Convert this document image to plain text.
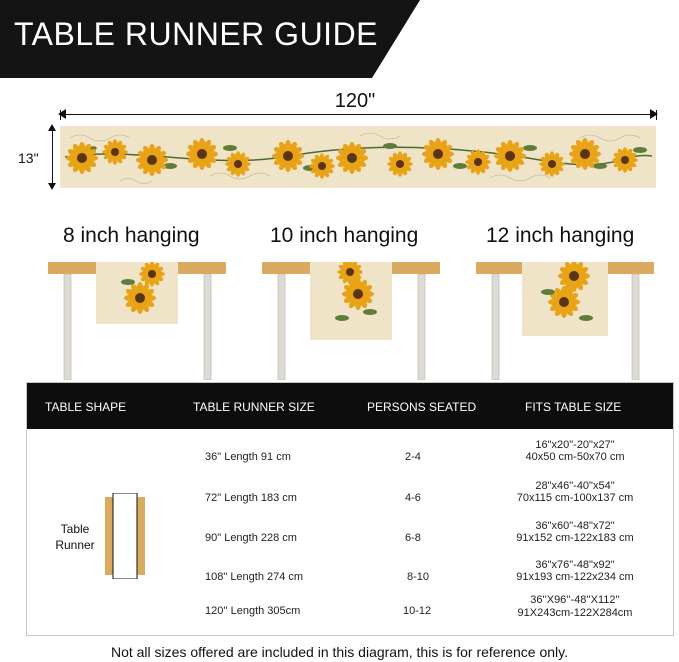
TABLE RUNNER GUIDE
120"
13"
8 inch hanging	10 inch hanging	12 inch hanging
TABLE SHAPE	TABLE RUNNER SIZE	PERSONS SEATED	FITS TABLE SIZE
Table
Runner
36" Length 91 cm	2-4
16"x20"-20"x27"
40x50 cm-50x70 cm
72" Length 183 cm	4-6
28"x46"-40"x54"
70x115 cm-100x137 cm
90" Length 228 cm	6-8
36"x60"-48"x72"
91x152 cm-122x183 cm
108" Length 274 cm	8-10
36"x76"-48"x92"
91x193 cm-122x234 cm
120'' Length 305cm	10-12
36''X96''-48''X112''
91X243cm-122X284cm
Not all sizes offered are included in this diagram, this is for reference only.
